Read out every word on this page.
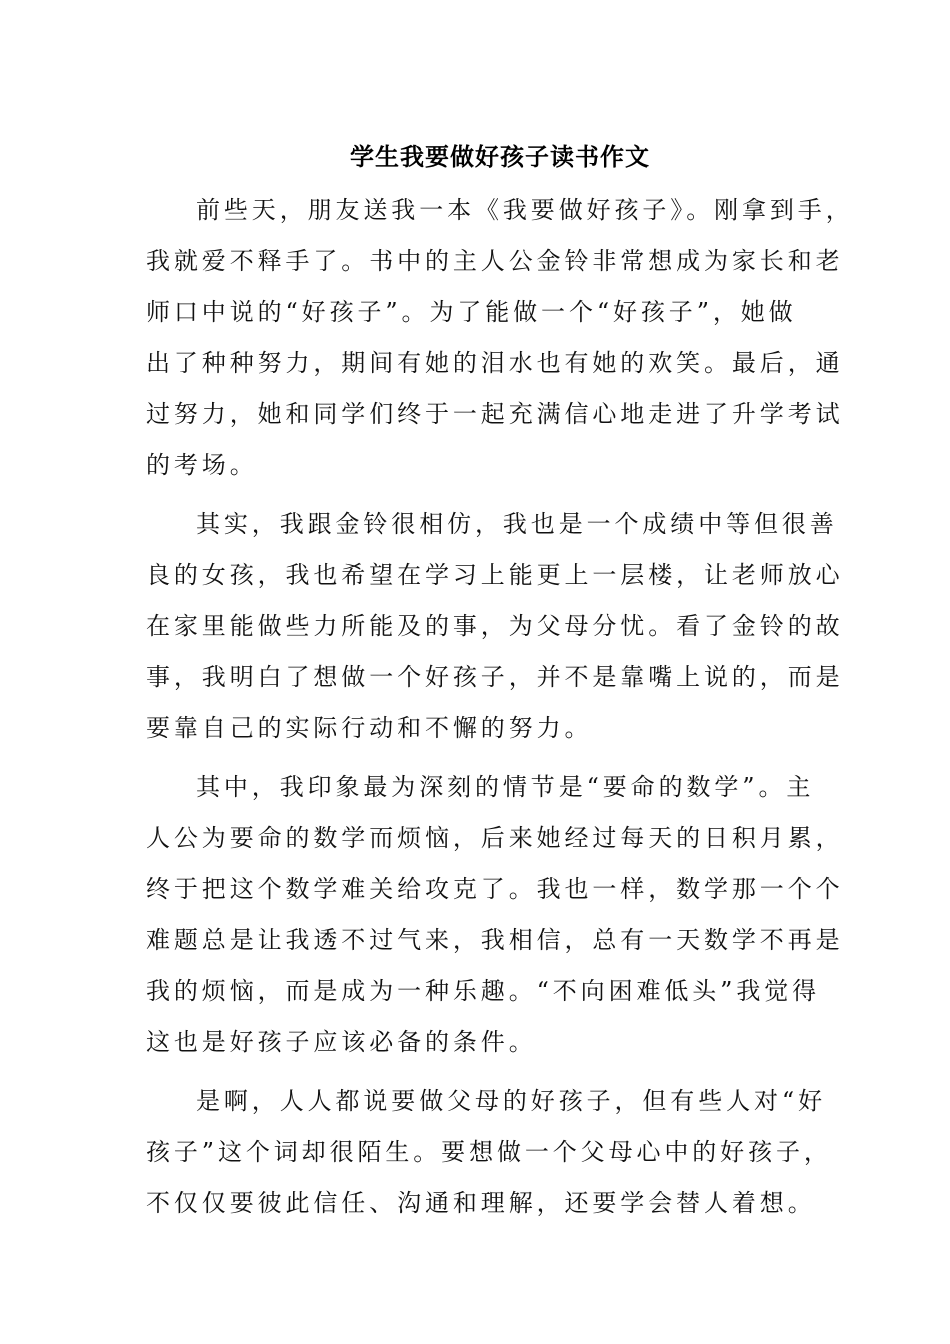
学生我要做好孩子读书作文
前些天，朋友送我一本《我要做好孩子》。刚拿到手，
我就爱不释手了。书中的主人公金铃非常想成为家长和老
师口中说的“好孩子”。为了能做一个“好孩子”，她做
出了种种努力，期间有她的泪水也有她的欢笑。最后，通
过努力，她和同学们终于一起充满信心地走进了升学考试
的考场。
其实，我跟金铃很相仿，我也是一个成绩中等但很善
良的女孩，我也希望在学习上能更上一层楼，让老师放心
在家里能做些力所能及的事，为父母分忧。看了金铃的故
事，我明白了想做一个好孩子，并不是靠嘴上说的，而是
要靠自己的实际行动和不懈的努力。
其中，我印象最为深刻的情节是“要命的数学”。主
人公为要命的数学而烦恼，后来她经过每天的日积月累，
终于把这个数学难关给攻克了。我也一样，数学那一个个
难题总是让我透不过气来，我相信，总有一天数学不再是
我的烦恼，而是成为一种乐趣。“不向困难低头”我觉得
这也是好孩子应该必备的条件。
是啊，人人都说要做父母的好孩子，但有些人对“好
孩子”这个词却很陌生。要想做一个父母心中的好孩子，
不仅仅要彼此信任、沟通和理解，还要学会替人着想。
